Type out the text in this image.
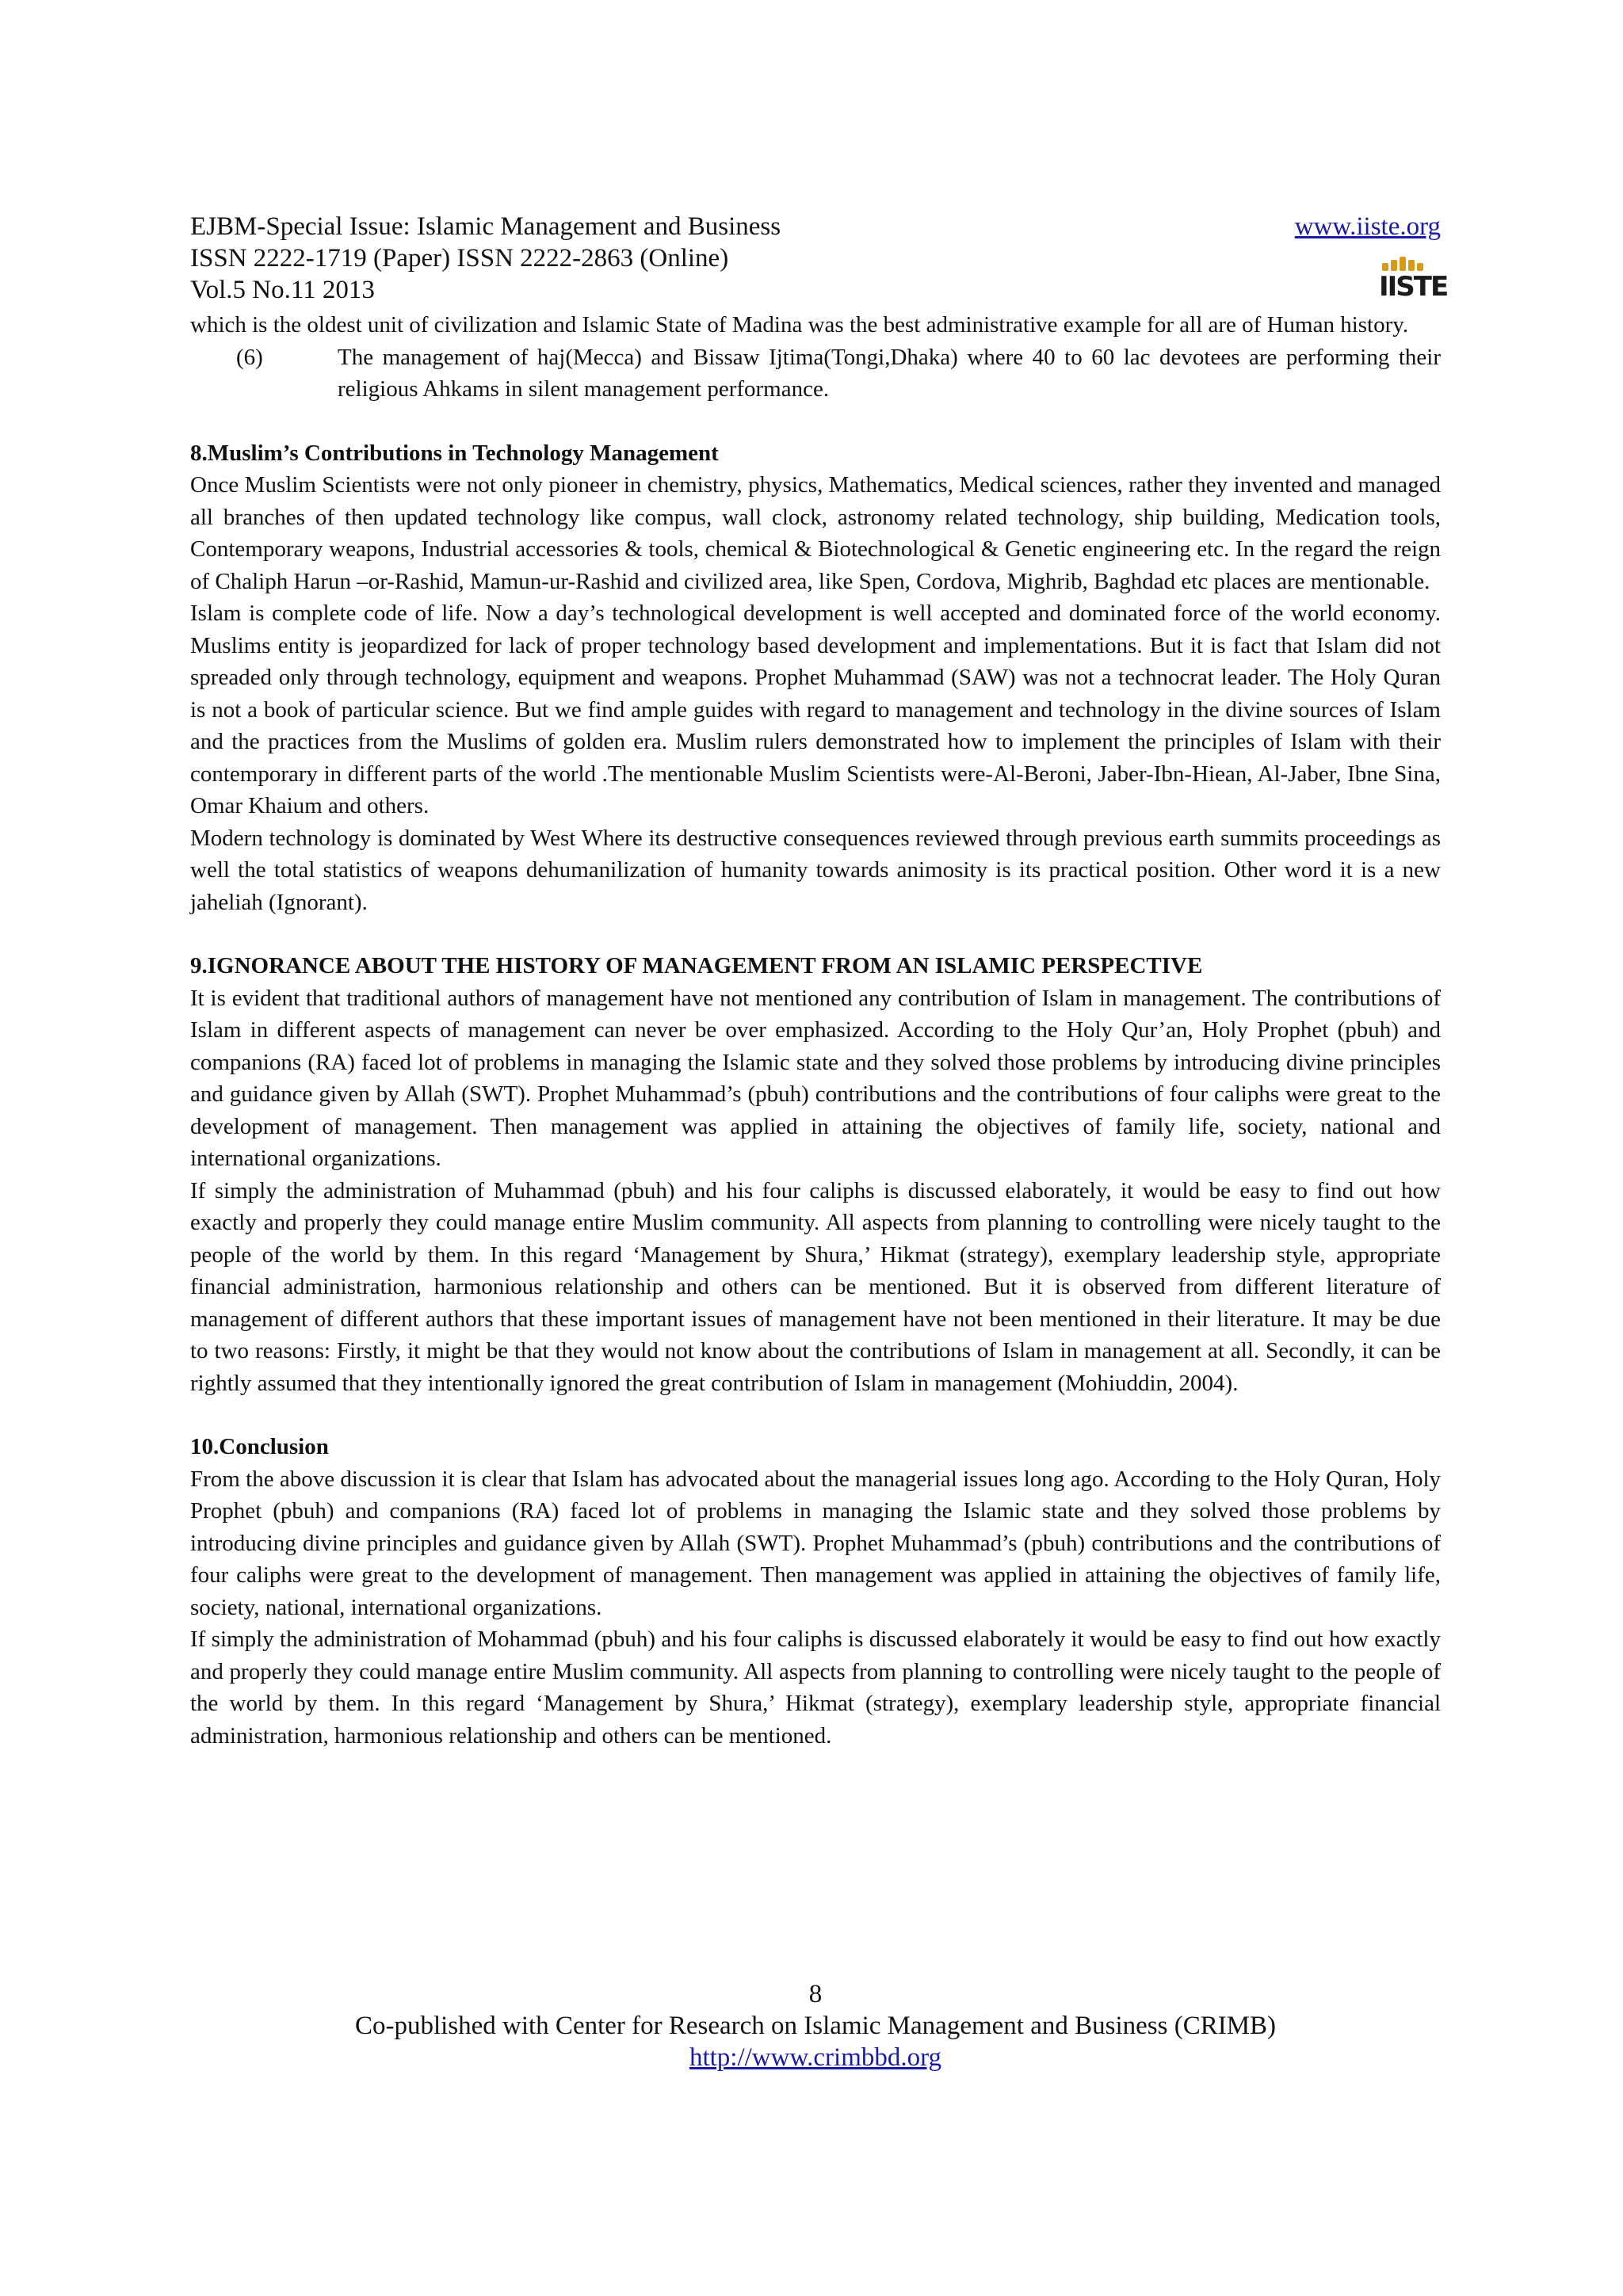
EJBM-Special Issue: Islamic Management and Business
ISSN 2222-1719 (Paper) ISSN 2222-2863 (Online)
Vol.5 No.11 2013
www.iiste.org
IISTE

which is the oldest unit of civilization and Islamic State of Madina was the best administrative example for all are of Human history.

(6)	The management of haj(Mecca) and Bissaw Ijtima(Tongi,Dhaka) where 40 to 60 lac devotees are performing their religious Ahkams in silent management performance.
8.Muslim’s Contributions in Technology Management

Once Muslim Scientists were not only pioneer in chemistry, physics, Mathematics, Medical sciences, rather they invented and managed all branches of then updated technology like compus, wall clock, astronomy related technology, ship building, Medication tools, Contemporary weapons, Industrial accessories & tools, chemical & Biotechnological & Genetic engineering etc. In the regard the reign of Chaliph Harun –or-Rashid, Mamun-ur-Rashid and civilized area, like Spen, Cordova, Mighrib, Baghdad etc places are mentionable.

Islam is complete code of life. Now a day’s technological development is well accepted and dominated force of the world economy. Muslims entity is jeopardized for lack of proper technology based development and implementations. But it is fact that Islam did not spreaded only through technology, equipment and weapons. Prophet Muhammad (SAW) was not a technocrat leader. The Holy Quran is not a book of particular science. But we find ample guides with regard to management and technology in the divine sources of Islam and the practices from the Muslims of golden era. Muslim rulers demonstrated how to implement the principles of Islam with their contemporary in different parts of the world .The mentionable Muslim Scientists were-Al-Beroni, Jaber-Ibn-Hiean, Al-Jaber, Ibne Sina, Omar Khaium and others.

Modern technology is dominated by West Where its destructive consequences reviewed through previous earth summits proceedings as well the total statistics of weapons dehumanilization of humanity towards animosity is its practical position. Other word it is a new jaheliah (Ignorant).

9.IGNORANCE ABOUT THE HISTORY OF MANAGEMENT FROM AN ISLAMIC PERSPECTIVE

It is evident that traditional authors of management have not mentioned any contribution of Islam in management. The contributions of Islam in different aspects of management can never be over emphasized. According to the Holy Qur’an, Holy Prophet (pbuh) and companions (RA) faced lot of problems in managing the Islamic state and they solved those problems by introducing divine principles and guidance given by Allah (SWT). Prophet Muhammad’s (pbuh) contributions and the contributions of four caliphs were great to the development of management. Then management was applied in attaining the objectives of family life, society, national and international organizations.

If simply the administration of Muhammad (pbuh) and his four caliphs is discussed elaborately, it would be easy to find out how exactly and properly they could manage entire Muslim community. All aspects from planning to controlling were nicely taught to the people of the world by them. In this regard ‘Management by Shura,’ Hikmat (strategy), exemplary leadership style, appropriate financial administration, harmonious relationship and others can be mentioned. But it is observed from different literature of management of different authors that these important issues of management have not been mentioned in their literature. It may be due to two reasons: Firstly, it might be that they would not know about the contributions of Islam in management at all. Secondly, it can be rightly assumed that they intentionally ignored the great contribution of Islam in management (Mohiuddin, 2004).

10.Conclusion

From the above discussion it is clear that Islam has advocated about the managerial issues long ago. According to the Holy Quran, Holy Prophet (pbuh) and companions (RA) faced lot of problems in managing the Islamic state and they solved those problems by introducing divine principles and guidance given by Allah (SWT). Prophet Muhammad’s (pbuh) contributions and the contributions of four caliphs were great to the development of management. Then management was applied in attaining the objectives of family life, society, national, international organizations.

If simply the administration of Mohammad (pbuh) and his four caliphs is discussed elaborately it would be easy to find out how exactly and properly they could manage entire Muslim community. All aspects from planning to controlling were nicely taught to the people of the world by them. In this regard ‘Management by Shura,’ Hikmat (strategy), exemplary leadership style, appropriate financial administration, harmonious relationship and others can be mentioned.

8
Co-published with Center for Research on Islamic Management and Business (CRIMB)
http://www.crimbbd.org
